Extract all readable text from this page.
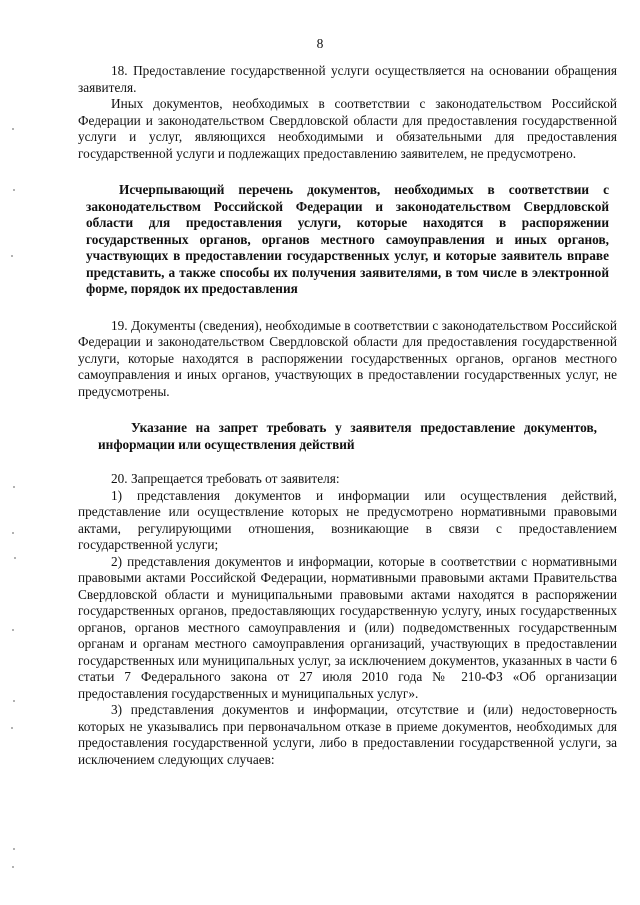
8

18. Предоставление государственной услуги осуществляется на основании обращения заявителя.

Иных документов, необходимых в соответствии с законодательством Российской Федерации и законодательством Свердловской области для предоставления государственной услуги и услуг, являющихся необходимыми и обязательными для предоставления государственной услуги и подлежащих предоставлению заявителем, не предусмотрено.

Исчерпывающий перечень документов, необходимых в соответствии с законодательством Российской Федерации и законодательством Свердловской области для предоставления услуги, которые находятся в распоряжении государственных органов, органов местного самоуправления и иных органов, участвующих в предоставлении государственных услуг, и которые заявитель вправе представить, а также способы их получения заявителями, в том числе в электронной форме, порядок их предоставления

19. Документы (сведения), необходимые в соответствии с законодательством Российской Федерации и законодательством Свердловской области для предоставления государственной услуги, которые находятся в распоряжении государственных органов, органов местного самоуправления и иных органов, участвующих в предоставлении государственных услуг, не предусмотрены.

Указание на запрет требовать у заявителя предоставление документов, информации или осуществления действий

20. Запрещается требовать от заявителя:

1) представления документов и информации или осуществления действий, представление или осуществление которых не предусмотрено нормативными правовыми актами, регулирующими отношения, возникающие в связи с предоставлением государственной услуги;

2) представления документов и информации, которые в соответствии с нормативными правовыми актами Российской Федерации, нормативными правовыми актами Правительства Свердловской области и муниципальными правовыми актами находятся в распоряжении государственных органов, предоставляющих государственную услугу, иных государственных органов, органов местного самоуправления и (или) подведомственных государственным органам и органам местного самоуправления организаций, участвующих в предоставлении государственных или муниципальных услуг, за исключением документов, указанных в части 6 статьи 7 Федерального закона от 27 июля 2010 года № 210-ФЗ «Об организации предоставления государственных и муниципальных услуг».

3) представления документов и информации, отсутствие и (или) недостоверность которых не указывались при первоначальном отказе в приеме документов, необходимых для предоставления государственной услуги, либо в предоставлении государственной услуги, за исключением следующих случаев:
